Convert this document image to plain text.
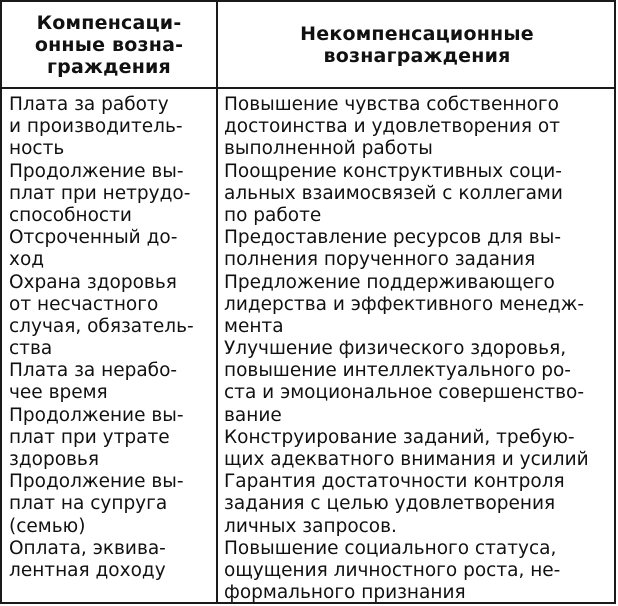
Компенсаци-
онные возна-
граждения
Некомпенсационные
вознаграждения
Плата за работу
и производитель-
ность
Продолжение вы-
плат при нетрудо-
способности
Отсроченный до-
ход
Охрана здоровья
от несчастного
случая, обязатель-
ства
Плата за нерабо-
чее время
Продолжение вы-
плат при утрате
здоровья
Продолжение вы-
плат на супруга
(семью)
Оплата, эквива-
лентная доходу
Повышение чувства собственного
достоинства и удовлетворения от
выполненной работы
Поощрение конструктивных соци-
альных взаимосвязей с коллегами
по работе
Предоставление ресурсов для вы-
полнения порученного задания
Предложение поддерживающего
лидерства и эффективного менедж-
мента
Улучшение физического здоровья,
повышение интеллектуального ро-
ста и эмоциональное совершенство-
вание
Конструирование заданий, требую-
щих адекватного внимания и усилий
Гарантия достаточности контроля
задания с целью удовлетворения
личных запросов.
Повышение социального статуса,
ощущения личностного роста, не-
формального признания
